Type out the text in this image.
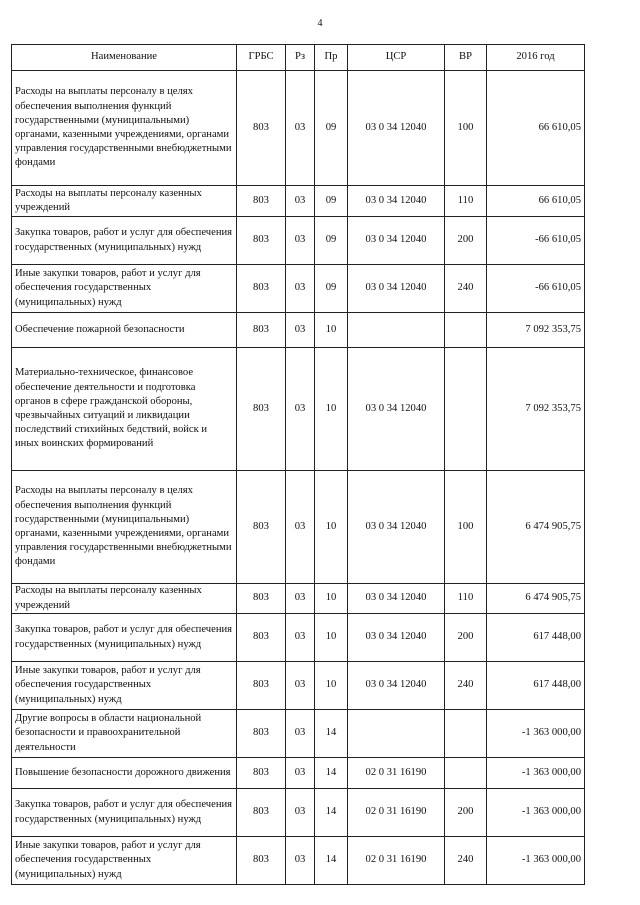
4
Наименование	ГРБС	Рз	Пр	ЦСР	ВР	2016 год
Расходы на выплаты персоналу в целях обеспечения выполнения функций государственными (муниципальными) органами, казенными учреждениями, органами управления государственными внебюджетными фондами	803	03	09	03 0 34 12040	100	66 610,05
Расходы на выплаты персоналу казенных учреждений	803	03	09	03 0 34 12040	110	66 610,05
Закупка товаров, работ и услуг для обеспечения государственных (муниципальных) нужд	803	03	09	03 0 34 12040	200	-66 610,05
Иные закупки товаров, работ и услуг для обеспечения государственных (муниципальных) нужд	803	03	09	03 0 34 12040	240	-66 610,05
Обеспечение пожарной безопасности	803	03	10			7 092 353,75
Материально-техническое, финансовое обеспечение деятельности и подготовка органов в сфере гражданской обороны, чрезвычайных ситуаций и ликвидации последствий стихийных бедствий, войск и иных воинских формирований	803	03	10	03 0 34 12040		7 092 353,75
Расходы на выплаты персоналу в целях обеспечения выполнения функций государственными (муниципальными) органами, казенными учреждениями, органами управления государственными внебюджетными фондами	803	03	10	03 0 34 12040	100	6 474 905,75
Расходы на выплаты персоналу казенных учреждений	803	03	10	03 0 34 12040	110	6 474 905,75
Закупка товаров, работ и услуг для обеспечения государственных (муниципальных) нужд	803	03	10	03 0 34 12040	200	617 448,00
Иные закупки товаров, работ и услуг для обеспечения государственных (муниципальных) нужд	803	03	10	03 0 34 12040	240	617 448,00
Другие вопросы в области национальной безопасности и правоохранительной деятельности	803	03	14			-1 363 000,00
Повышение безопасности дорожного движения	803	03	14	02 0 31 16190		-1 363 000,00
Закупка товаров, работ и услуг для обеспечения государственных (муниципальных) нужд	803	03	14	02 0 31 16190	200	-1 363 000,00
Иные закупки товаров, работ и услуг для обеспечения государственных (муниципальных) нужд	803	03	14	02 0 31 16190	240	-1 363 000,00
